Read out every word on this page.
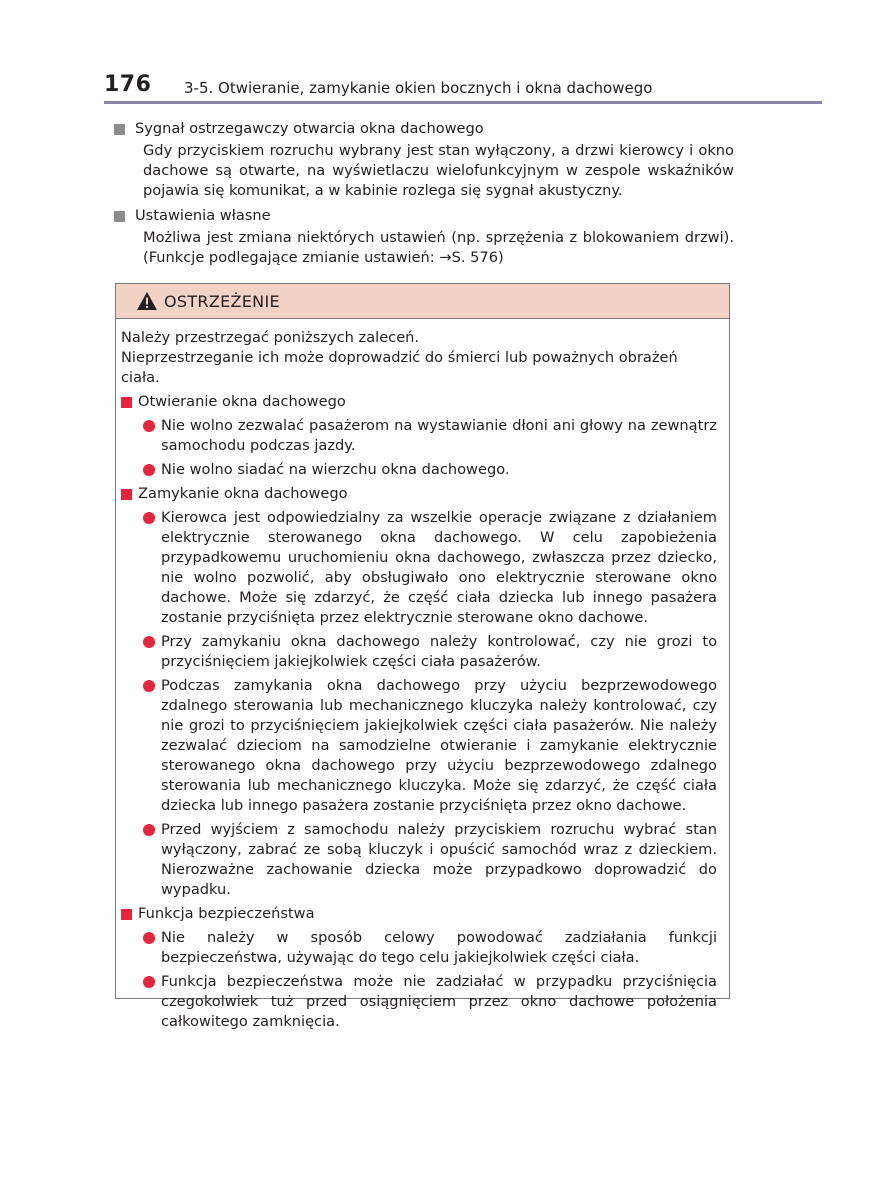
176 3-5. Otwieranie, zamykanie okien bocznych i okna dachowego
Sygnał ostrzegawczy otwarcia okna dachowego
Gdy przyciskiem rozruchu wybrany jest stan wyłączony, a drzwi kierowcy i okno dachowe są otwarte, na wyświetlaczu wielofunkcyjnym w zespole wskaźników pojawia się komunikat, a w kabinie rozlega się sygnał akustyczny.
Ustawienia własne
Możliwa jest zmiana niektórych ustawień (np. sprzężenia z blokowaniem drzwi). (Funkcje podlegające zmianie ustawień: →S. 576)
OSTRZEŻENIE
Należy przestrzegać poniższych zaleceń.
Nieprzestrzeganie ich może doprowadzić do śmierci lub poważnych obrażeń ciała.
Otwieranie okna dachowego
Nie wolno zezwalać pasażerom na wystawianie dłoni ani głowy na zewnątrz samochodu podczas jazdy.
Nie wolno siadać na wierzchu okna dachowego.
Zamykanie okna dachowego
Kierowca jest odpowiedzialny za wszelkie operacje związane z działaniem elektrycznie sterowanego okna dachowego. W celu zapobieżenia przypadkowemu uruchomieniu okna dachowego, zwłaszcza przez dziecko, nie wolno pozwolić, aby obsługiwało ono elektrycznie sterowane okno dachowe. Może się zdarzyć, że część ciała dziecka lub innego pasażera zostanie przyciśnięta przez elektrycznie sterowane okno dachowe.
Przy zamykaniu okna dachowego należy kontrolować, czy nie grozi to przyciśnięciem jakiejkolwiek części ciała pasażerów.
Podczas zamykania okna dachowego przy użyciu bezprzewodowego zdalnego sterowania lub mechanicznego kluczyka należy kontrolować, czy nie grozi to przyciśnięciem jakiejkolwiek części ciała pasażerów. Nie należy zezwalać dzieciom na samodzielne otwieranie i zamykanie elektrycznie sterowanego okna dachowego przy użyciu bezprzewodowego zdalnego sterowania lub mechanicznego kluczyka. Może się zdarzyć, że część ciała dziecka lub innego pasażera zostanie przyciśnięta przez okno dachowe.
Przed wyjściem z samochodu należy przyciskiem rozruchu wybrać stan wyłączony, zabrać ze sobą kluczyk i opuścić samochód wraz z dzieckiem. Nierozważne zachowanie dziecka może przypadkowo doprowadzić do wypadku.
Funkcja bezpieczeństwa
Nie należy w sposób celowy powodować zadziałania funkcji bezpieczeństwa, używając do tego celu jakiejkolwiek części ciała.
Funkcja bezpieczeństwa może nie zadziałać w przypadku przyciśnięcia czegokolwiek tuż przed osiągnięciem przez okno dachowe położenia całkowitego zamknięcia.
